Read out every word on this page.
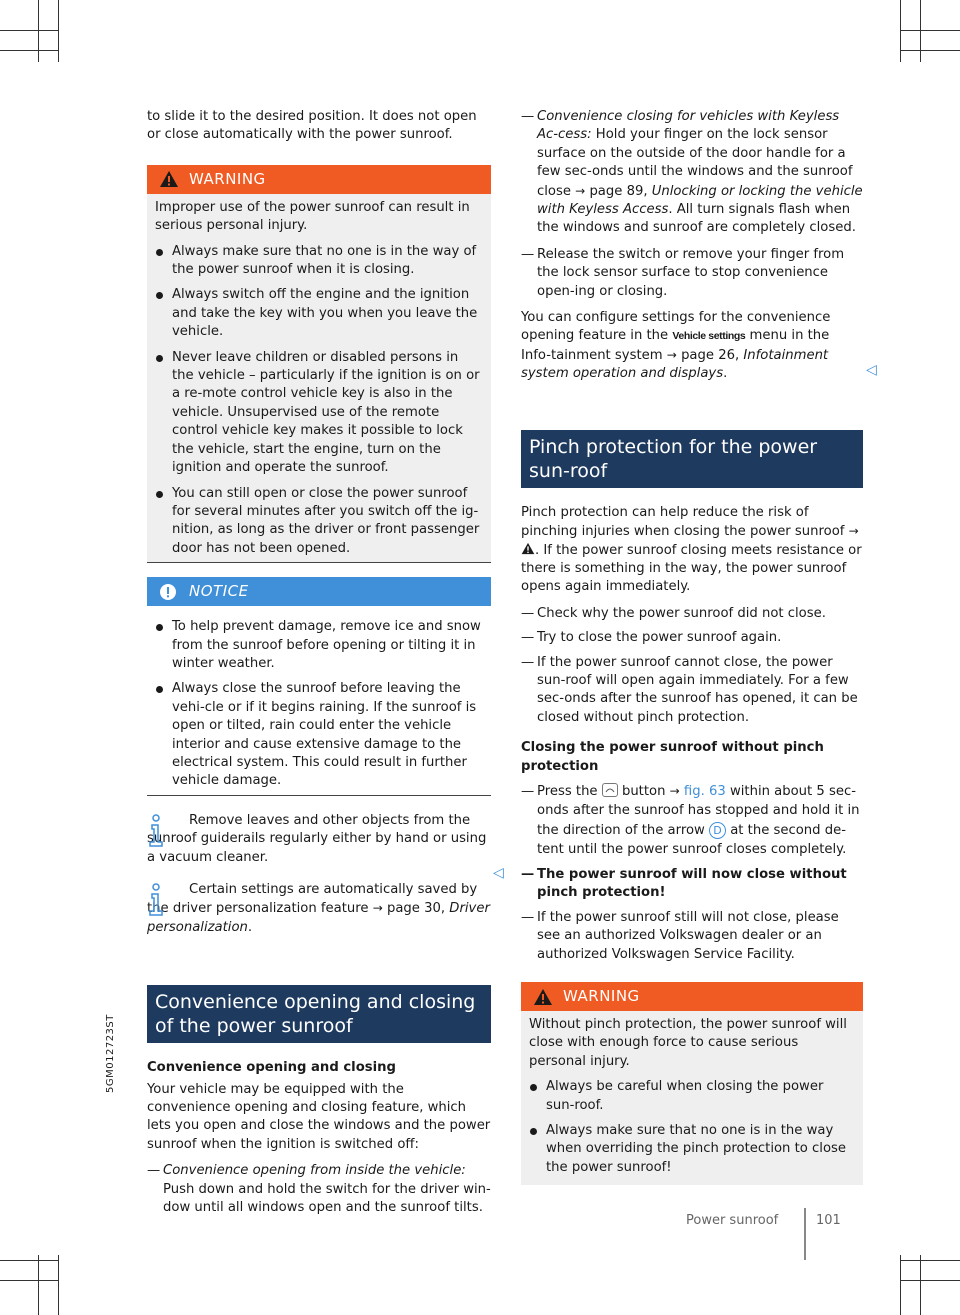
5GM012723ST

to slide it to the desired position. It does not open or close automatically with the power sunroof.

WARNING

Improper use of the power sunroof can result in serious personal injury.

Always make sure that no one is in the way of the power sunroof when it is closing.

Always switch off the engine and the ignition and take the key with you when you leave the vehicle.

Never leave children or disabled persons in the vehicle – particularly if the ignition is on or a re-mote control vehicle key is also in the vehicle. Unsupervised use of the remote control vehicle key makes it possible to lock the vehicle, start the engine, turn on the ignition and operate the sunroof.

You can still open or close the power sunroof for several minutes after you switch off the ig-nition, as long as the driver or front passenger door has not been opened.

NOTICE

To help prevent damage, remove ice and snow from the sunroof before opening or tilting it in winter weather.

Always close the sunroof before leaving the vehi-cle or if it begins raining. If the sunroof is open or tilted, rain could enter the vehicle interior and cause extensive damage to the electrical system. This could result in further vehicle damage.

Remove leaves and other objects from the sunroof guiderails regularly either by hand or using a vacuum cleaner.

Certain settings are automatically saved by the driver personalization feature → page 30, Driver personalization.

Convenience opening and closing of the power sunroof

Convenience opening and closing

Your vehicle may be equipped with the convenience opening and closing feature, which lets you open and close the windows and the power sunroof when the ignition is switched off:

— Convenience opening from inside the vehicle: Push down and hold the switch for the driver win-dow until all windows open and the sunroof tilts.

◁

— Convenience closing for vehicles with Keyless Ac-cess: Hold your finger on the lock sensor surface on the outside of the door handle for a few sec-onds until the windows and the sunroof close → page 89, Unlocking or locking the vehicle with Keyless Access. All turn signals flash when the windows and sunroof are completely closed.

— Release the switch or remove your finger from the lock sensor surface to stop convenience open-ing or closing.

You can configure settings for the convenience opening feature in the Vehicle settings menu in the Info-tainment system → page 26, Infotainment system operation and displays.

Pinch protection for the power sun-roof

Pinch protection can help reduce the risk of pinching injuries when closing the power sunroof → . If the power sunroof closing meets resistance or there is something in the way, the power sunroof opens again immediately.

— Check why the power sunroof did not close.

— Try to close the power sunroof again.

— If the power sunroof cannot close, the power sun-roof will open again immediately. For a few sec-onds after the sunroof has opened, it can be closed without pinch protection.

Closing the power sunroof without pinch protection

— Press the button → fig. 63 within about 5 sec-onds after the sunroof has stopped and hold it in the direction of the arrow D at the second de-tent until the power sunroof closes completely.

— The power sunroof will now close without pinch protection!

— If the power sunroof still will not close, please see an authorized Volkswagen dealer or an authorized Volkswagen Service Facility.

WARNING

Without pinch protection, the power sunroof will close with enough force to cause serious personal injury.

Always be careful when closing the power sun-roof.

Always make sure that no one is in the way when overriding the pinch protection to close the power sunroof!

◁
Power sunroof	101
